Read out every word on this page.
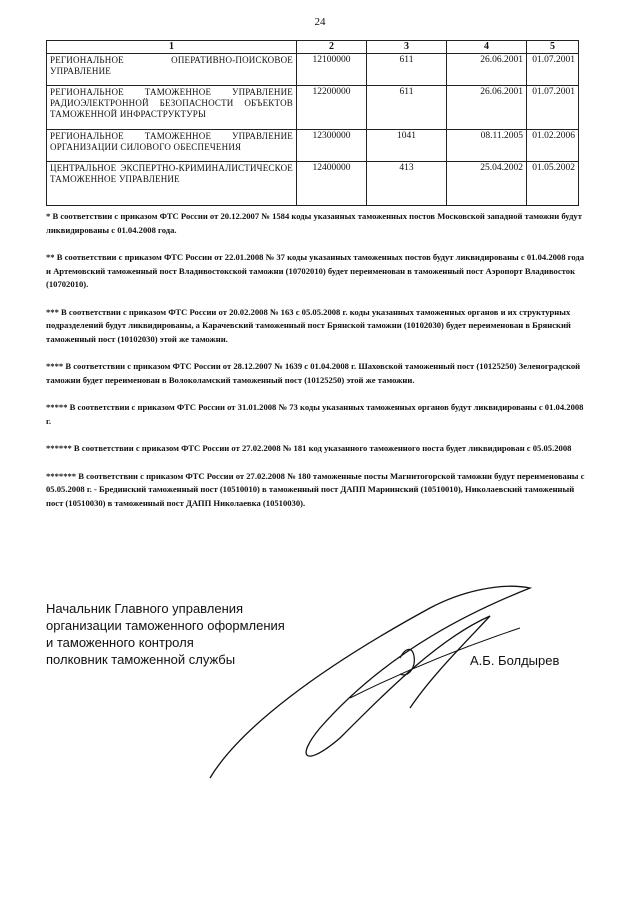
24
1	2	3	4	5
РЕГИОНАЛЬНОЕ ОПЕРАТИВНО-ПОИСКОВОЕ УПРАВЛЕНИЕ	12100000	611	26.06.2001	01.07.2001
РЕГИОНАЛЬНОЕ ТАМОЖЕННОЕ УПРАВЛЕНИЕ РАДИОЭЛЕКТРОННОЙ БЕЗОПАСНОСТИ ОБЪЕКТОВ ТАМОЖЕННОЙ ИНФРАСТРУКТУРЫ	12200000	611	26.06.2001	01.07.2001
РЕГИОНАЛЬНОЕ ТАМОЖЕННОЕ УПРАВЛЕНИЕ ОРГАНИЗАЦИИ СИЛОВОГО ОБЕСПЕЧЕНИЯ	12300000	1041	08.11.2005	01.02.2006
ЦЕНТРАЛЬНОЕ ЭКСПЕРТНО-КРИМИНАЛИСТИЧЕСКОЕ ТАМОЖЕННОЕ УПРАВЛЕНИЕ	12400000	413	25.04.2002	01.05.2002

* В соответствии с приказом ФТС России от 20.12.2007 № 1584 коды указанных таможенных постов Московской западной таможни будут ликвидированы с 01.04.2008 года.

** В соответствии с приказом ФТС России от 22.01.2008 № 37 коды указанных таможенных постов будут ликвидированы с 01.04.2008 года и Артемовский таможенный пост Владивостокской таможни (10702010) будет переименован в таможенный пост Аэропорт Владивосток (10702010).

*** В соответствии с приказом ФТС России от 20.02.2008 № 163 с 05.05.2008 г. коды указанных таможенных органов и их структурных подразделений будут ликвидированы, а Карачевский таможенный пост Брянской таможни (10102030) будет переименован в Брянский таможенный пост (10102030) этой же таможни.

**** В соответствии с приказом ФТС России от 28.12.2007 № 1639 с 01.04.2008 г. Шаховской таможенный пост (10125250) Зеленоградской таможни будет переименован в Волоколамский таможенный пост (10125250) этой же таможни.

***** В соответствии с приказом ФТС России от 31.01.2008 № 73 коды указанных таможенных органов будут ликвидированы с 01.04.2008 г.

****** В соответствии с приказом ФТС России от 27.02.2008 № 181 код указанного таможенного поста будет ликвидирован с 05.05.2008

******* В соответствии с приказом ФТС России от 27.02.2008 № 180 таможенные посты Магнитогорской таможни будут переименованы с 05.05.2008 г. - Брединский таможенный пост (10510010) в таможенный пост ДАПП Мариинский (10510010), Николаевский таможенный пост (10510030) в таможенный пост ДАПП Николаевка (10510030).

Начальник Главного управления
организации таможенного оформления
и таможенного контроля
полковник таможенной службы	А.Б. Болдырев
